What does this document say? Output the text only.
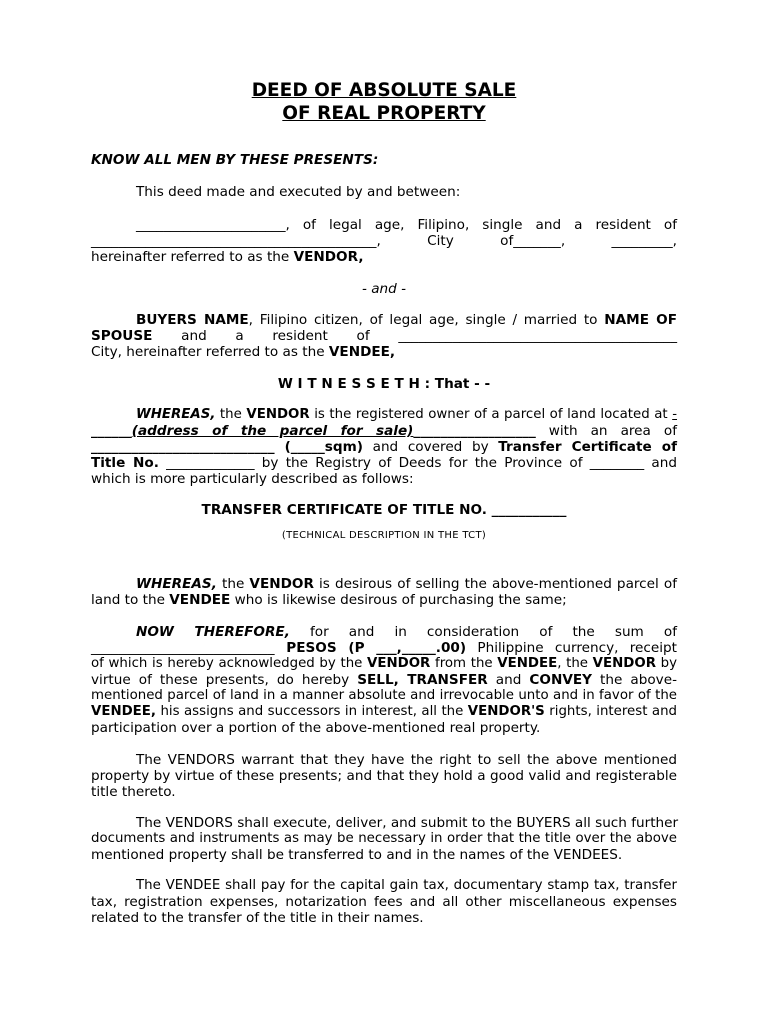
DEED OF ABSOLUTE SALE
OF REAL PROPERTY
KNOW ALL MEN BY THESE PRESENTS:
This deed made and executed by and between:
______________________, of legal age, Filipino, single and a resident of
__________________________________________, City of_______,	_________,
hereinafter referred to as the VENDOR,
- and -
BUYERS NAME, Filipino citizen, of legal age, single / married to NAME OF
SPOUSE and a resident of _________________________________________
City, hereinafter referred to as the VENDEE,
W I T N E S S E T H : That - -
WHEREAS, the VENDOR is the registered owner of a parcel of land located at -
______(address of the parcel for sale)__________________ with an area of
___________________________ (_____sqm) and covered by Transfer Certificate of
Title No. _____________ by the Registry of Deeds for the Province of ________ and
which is more particularly described as follows:
TRANSFER CERTIFICATE OF TITLE NO. ___________
(TECHNICAL DESCRIPTION IN THE TCT)
WHEREAS, the VENDOR is desirous of selling the above-mentioned parcel of
land to the VENDEE who is likewise desirous of purchasing the same;
NOW THEREFORE, for and in consideration of the sum of
___________________________ PESOS (P ___,_____.00) Philippine currency, receipt
of which is hereby acknowledged by the VENDOR from the VENDEE, the VENDOR by
virtue of these presents, do hereby SELL, TRANSFER and CONVEY the above-
mentioned parcel of land in a manner absolute and irrevocable unto and in favor of the
VENDEE, his assigns and successors in interest, all the VENDOR'S rights, interest and
participation over a portion of the above-mentioned real property.
The VENDORS warrant that they have the right to sell the above mentioned
property by virtue of these presents; and that they hold a good valid and registerable
title thereto.
The VENDORS shall execute, deliver, and submit to the BUYERS all such further
documents and instruments as may be necessary in order that the title over the above
mentioned property shall be transferred to and in the names of the VENDEES.
The VENDEE shall pay for the capital gain tax, documentary stamp tax, transfer
tax, registration expenses, notarization fees and all other miscellaneous expenses
related to the transfer of the title in their names.
